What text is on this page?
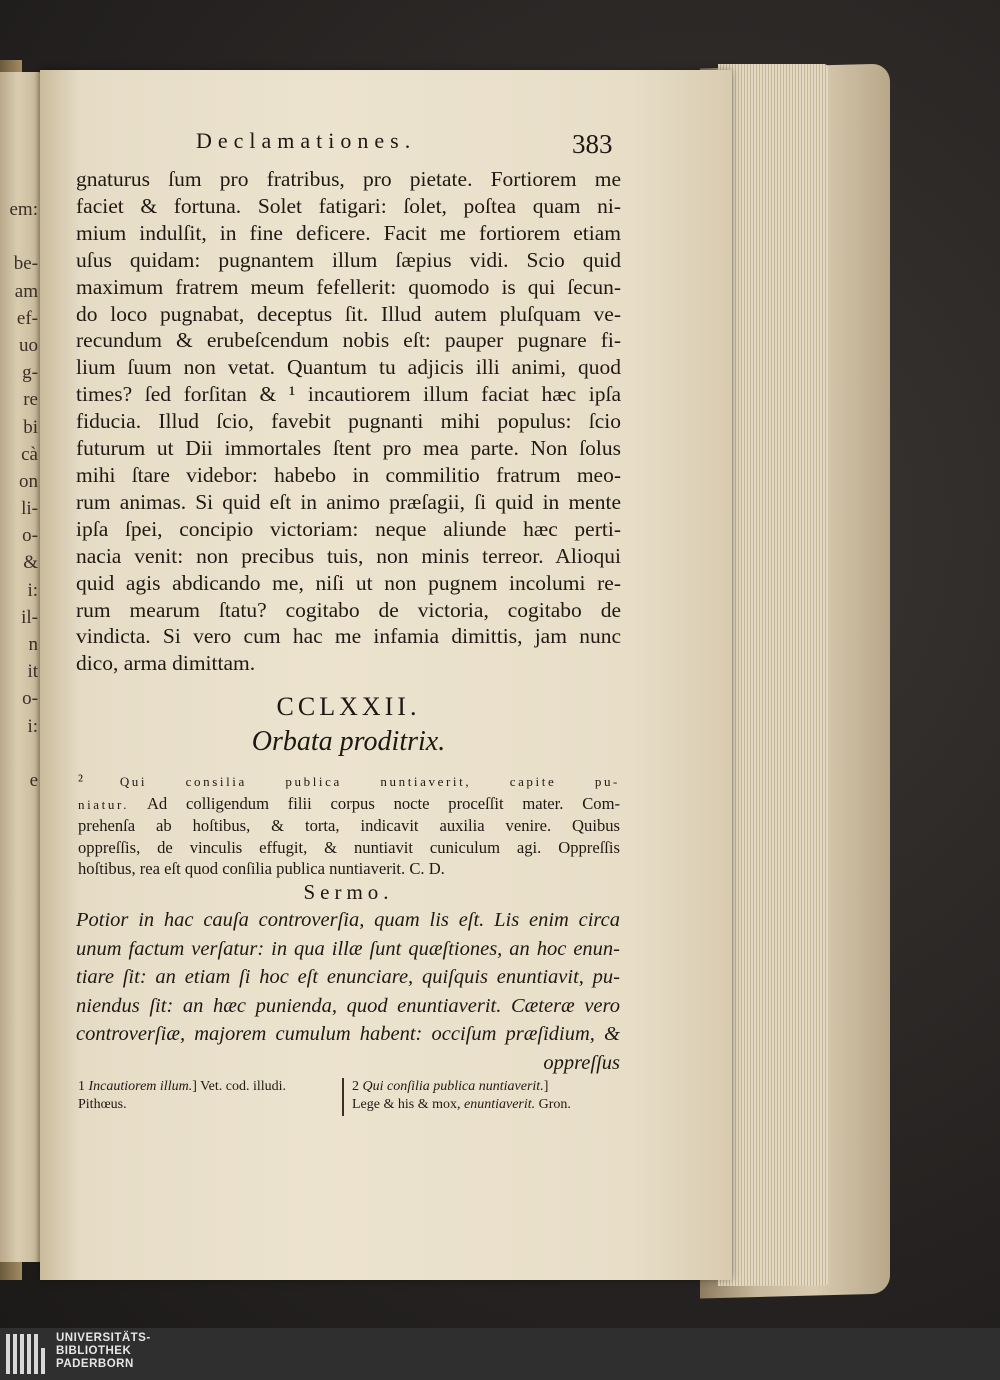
em:
be-
am
ef-
uo
g-
re
bi
cà
on
li-
o-
&
i:
il-
n
it
o-
i:
e
Declamationes.	383
gnaturus ſum pro fratribus, pro pietate. Fortiorem me
faciet & fortuna. Solet fatigari: ſolet, poſtea quam ni-
mium indulſit, in fine deficere. Facit me fortiorem etiam
uſus quidam: pugnantem illum ſæpius vidi. Scio quid
maximum fratrem meum fefellerit: quomodo is qui ſecun-
do loco pugnabat, deceptus ſit. Illud autem pluſquam ve-
recundum & erubeſcendum nobis eſt: pauper pugnare fi-
lium ſuum non vetat. Quantum tu adjicis illi animi, quod
times? ſed forſitan & ¹ incautiorem illum faciat hæc ipſa
fiducia. Illud ſcio, favebit pugnanti mihi populus: ſcio
futurum ut Dii immortales ſtent pro mea parte. Non ſolus
mihi ſtare videbor: habebo in commilitio fratrum meo-
rum animas. Si quid eſt in animo præſagii, ſi quid in mente
ipſa ſpei, concipio victoriam: neque aliunde hæc perti-
nacia venit: non precibus tuis, non minis terreor. Alioqui
quid agis abdicando me, niſi ut non pugnem incolumi re-
rum mearum ſtatu? cogitabo de victoria, cogitabo de
vindicta. Si vero cum hac me infamia dimittis, jam nunc
dico, arma dimittam.
CCLXXII.
Orbata proditrix.
²	Qui consilia publica nuntiaverit, capite pu-
niatur. Ad colligendum filii corpus nocte proceſſit mater. Com-
prehenſa ab hoſtibus, & torta, indicavit auxilia venire. Quibus
oppreſſis, de vinculis effugit, & nuntiavit cuniculum agi. Oppreſſis
hoſtibus, rea eſt quod conſilia publica nuntiaverit. C. D.
Sermo.
Potior in hac cauſa controverſia, quam lis eſt. Lis enim circa
unum factum verſatur: in qua illæ ſunt quæſtiones, an hoc enun-
tiare ſit: an etiam ſi hoc eſt enunciare, quiſquis enuntiavit, pu-
niendus ſit: an hæc punienda, quod enuntiaverit. Cæteræ vero
controverſiæ, majorem cumulum habent: occiſum præſidium, &
oppreſſus
1 Incautiorem illum.] Vet. cod. illudi.
Pithœus.
2 Qui conſilia publica nuntiaverit.]
Lege & his & mox, enuntiaverit. Gron.
UNIVERSITÄTS-
BIBLIOTHEK
PADERBORN
